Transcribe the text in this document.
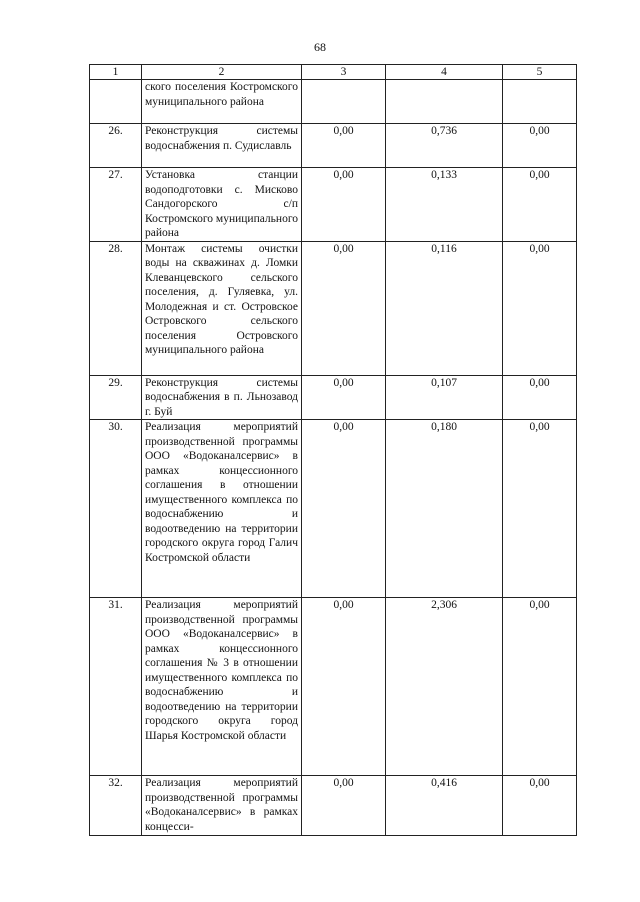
68
1	2	3	4	5
	ского поселения Костромского муниципального района			
26.	Реконструкция системы водоснабжения п. Судиславль	0,00	0,736	0,00
27.	Установка станции водоподготовки с. Мисково Сандогорского с/п Костромского муниципального района	0,00	0,133	0,00
28.	Монтаж системы очистки воды на скважинах д. Ломки Клеванцевского сельского поселения, д. Гуляевка, ул. Молодежная и ст. Островское Островского сельского поселения Островского муниципального района	0,00	0,116	0,00
29.	Реконструкция системы водоснабжения в п. Льнозавод г. Буй	0,00	0,107	0,00
30.	Реализация мероприятий производственной программы ООО «Водоканалсервис» в рамках концессионного соглашения в отношении имущественного комплекса по водоснабжению и водоотведению на территории городского округа город Галич Костромской области	0,00	0,180	0,00
31.	Реализация мероприятий производственной программы ООО «Водоканалсервис» в рамках концессионного соглашения № 3 в отношении имущественного комплекса по водоснабжению и водоотведению на территории городского округа город Шарья Костромской области	0,00	2,306	0,00
32.	Реализация мероприятий производственной программы «Водоканалсервис» в рамках концесси-	0,00	0,416	0,00
